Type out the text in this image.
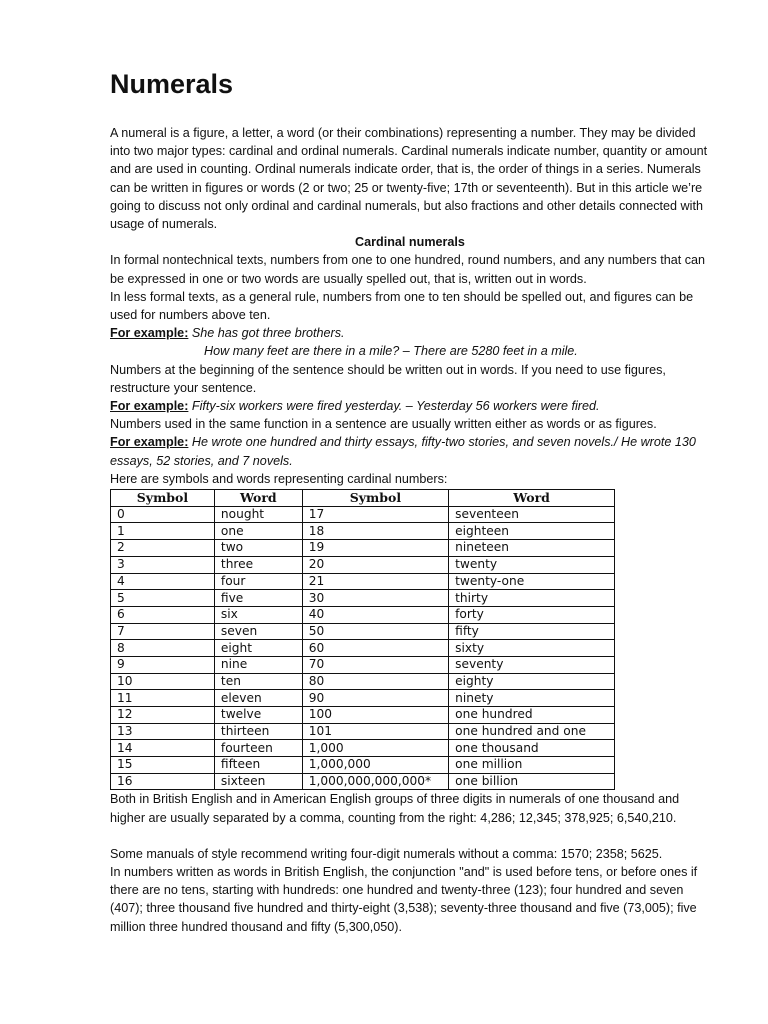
Numerals

A numeral is a figure, a letter, a word (or their combinations) representing a number. They may be divided into two major types: cardinal and ordinal numerals. Cardinal numerals indicate number, quantity or amount and are used in counting. Ordinal numerals indicate order, that is, the order of things in a series. Numerals can be written in figures or words (2 or two; 25 or twenty-five; 17th or seventeenth). But in this article we’re going to discuss not only ordinal and cardinal numerals, but also fractions and other details connected with usage of numerals.

Cardinal numerals

In formal nontechnical texts, numbers from one to one hundred, round numbers, and any numbers that can be expressed in one or two words are usually spelled out, that is, written out in words.

In less formal texts, as a general rule, numbers from one to ten should be spelled out, and figures can be used for numbers above ten.

For example: She has got three brothers.

How many feet are there in a mile? – There are 5280 feet in a mile.

Numbers at the beginning of the sentence should be written out in words. If you need to use figures, restructure your sentence.

For example: Fifty-six workers were fired yesterday. – Yesterday 56 workers were fired.

Numbers used in the same function in a sentence are usually written either as words or as figures.

For example: He wrote one hundred and thirty essays, fifty-two stories, and seven novels./ He wrote 130 essays, 52 stories, and 7 novels.

Here are symbols and words representing cardinal numbers:

Symbol	Word	Symbol	Word
0	nought	17	seventeen
1	one	18	eighteen
2	two	19	nineteen
3	three	20	twenty
4	four	21	twenty-one
5	five	30	thirty
6	six	40	forty
7	seven	50	fifty
8	eight	60	sixty
9	nine	70	seventy
10	ten	80	eighty
11	eleven	90	ninety
12	twelve	100	one hundred
13	thirteen	101	one hundred and one
14	fourteen	1,000	one thousand
15	fifteen	1,000,000	one million
16	sixteen	1,000,000,000,000*	one billion

Both in British English and in American English groups of three digits in numerals of one thousand and higher are usually separated by a comma, counting from the right: 4,286; 12,345; 378,925; 6,540,210.

Some manuals of style recommend writing four-digit numerals without a comma: 1570; 2358; 5625.

In numbers written as words in British English, the conjunction "and" is used before tens, or before ones if there are no tens, starting with hundreds: one hundred and twenty-three (123); four hundred and seven (407); three thousand five hundred and thirty-eight (3,538); seventy-three thousand and five (73,005); five million three hundred thousand and fifty (5,300,050).
